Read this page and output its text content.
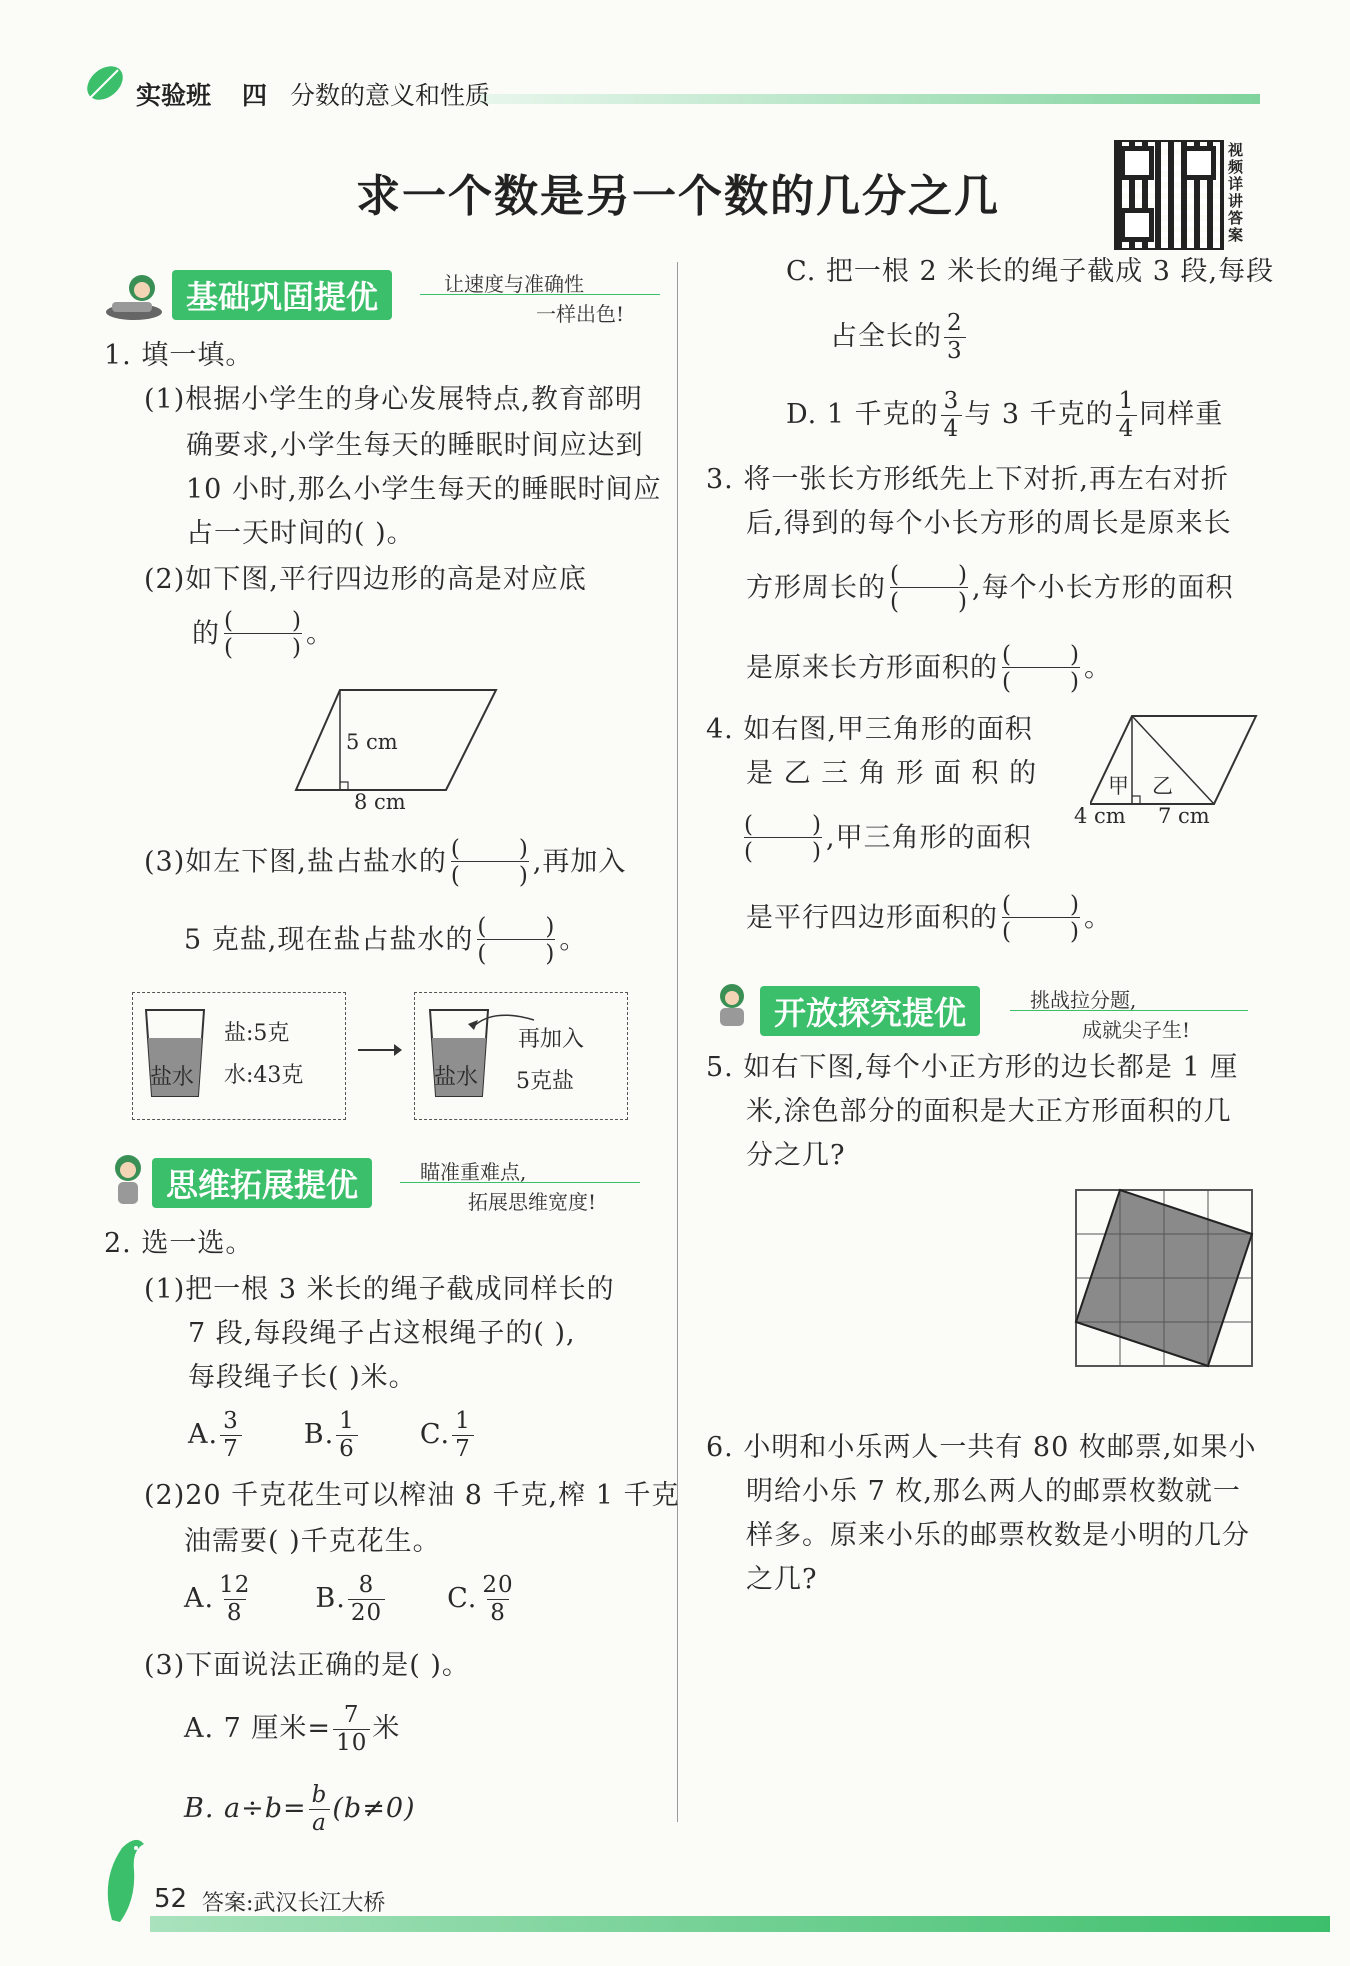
实验班 四 分数的意义和性质
求一个数是另一个数的几分之几
视频详讲答案
基础巩固提优	让速度与准确性
一样出色!
1. 填一填。
(1)根据小学生的身心发展特点,教育部明
确要求,小学生每天的睡眠时间应达到
10 小时,那么小学生每天的睡眠时间应
占一天时间的( )。
(2)如下图,平行四边形的高是对应底
的 (	)
(	) 。
5 cm
8 cm
(3)如左下图,盐占盐水的 (	)
(	) ,再加入
5 克盐,现在盐占盐水的 (	)
(	) 。
盐水
盐:5克
水:43克	盐水
再加入
5克盐
思维拓展提优	瞄准重难点,
拓展思维宽度!
2. 选一选。
(1)把一根 3 米长的绳子截成同样长的
7 段,每段绳子占这根绳子的( ),
每段绳子长( )米。
A. $\frac{3}{7} B$. $\frac{1}{6} C$. $\frac{1}{7}$
(2)20 千克花生可以榨油 8 千克,榨 1 千克
油需要( )千克花生。
A. $\frac{12}{8} B$. $\frac{8}{20} C$. $\frac{20}{8}$
(3)下面说法正确的是( )。
A. 7 厘米= $\frac{7}{10}$ 米
B. $a\div b= \frac{b}{a} (b\ne 0)$
C. 把一根 2 米长的绳子截成 3 段,每段
占全长的 $\frac{2}{3}$
D. 1 千克的 $\frac{3}{4}$ 与 3 千克的 $\frac{1}{4}$ 同样重
3. 将一张长方形纸先上下对折,再左右对折
后,得到的每个小长方形的周长是原来长
方形周长的 (	)
(	) ,每个小长方形的面积
是原来长方形面积的 (	)
(	) 。
4. 如右图,甲三角形的面积
是 乙 三 角 形 面 积 的
(	)
(	) ,甲三角形的面积
是平行四边形面积的 (	)
(	) 。
甲 乙
4 cm 7 cm
开放探究提优	挑战拉分题,
成就尖子生!
5. 如右下图,每个小正方形的边长都是 1 厘
米,涂色部分的面积是大正方形面积的几
分之几?
6. 小明和小乐两人一共有 80 枚邮票,如果小
明给小乐 7 枚,那么两人的邮票枚数就一
样多。原来小乐的邮票枚数是小明的几分
之几?
52 答案:武汉长江大桥
